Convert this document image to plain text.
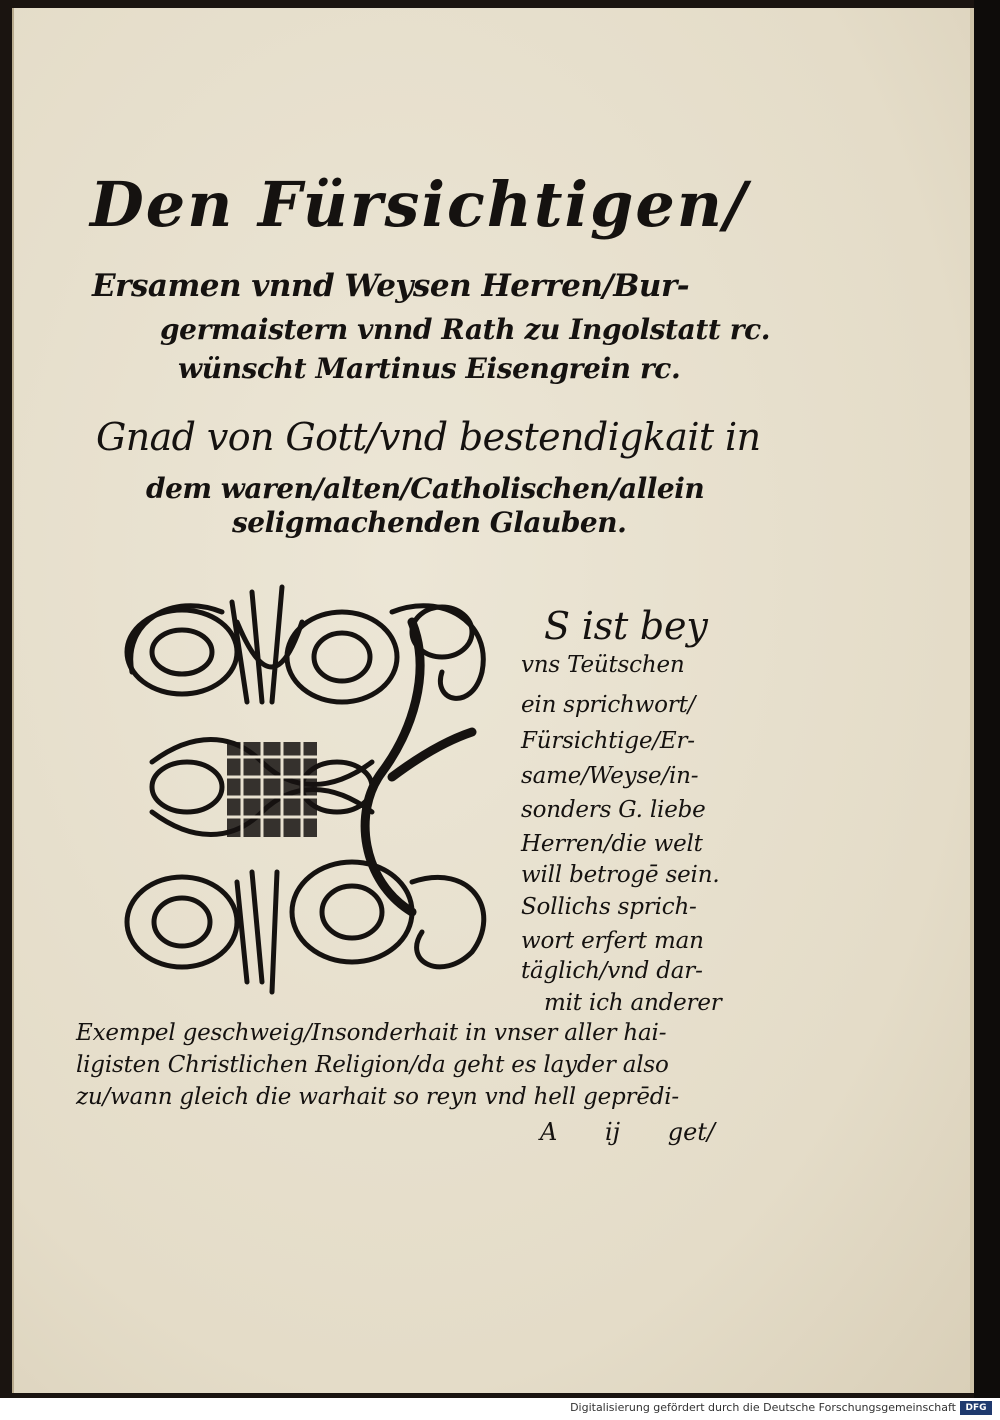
Den Fürsichtigen/
Ersamen vnnd Weysen Herren/Bur-
germaistern vnnd Rath zu Ingolstatt rc.
wünscht Martinus Eisengrein rc.
Gnad von Gott/vnd bestendigkait in
dem waren/alten/Catholischen/allein
seligmachenden Glauben.
S ist bey
vns Teütschen
ein sprichwort/
Fürsichtige/Er-
same/Weyse/in-
sonders G. liebe
Herren/die welt
will betrogē sein.
Sollichs sprich-
wort erfert man
täglich/vnd dar-
mit ich anderer
Exempel geschweig/Insonderhait in vnser aller hai-
ligisten Christlichen Religion/da geht es layder also
zu/wann gleich die warhait so reyn vnd hell geprēdi-
A ij get/
Digitalisierung gefördert durch die Deutsche Forschungsgemeinschaft	DFG
